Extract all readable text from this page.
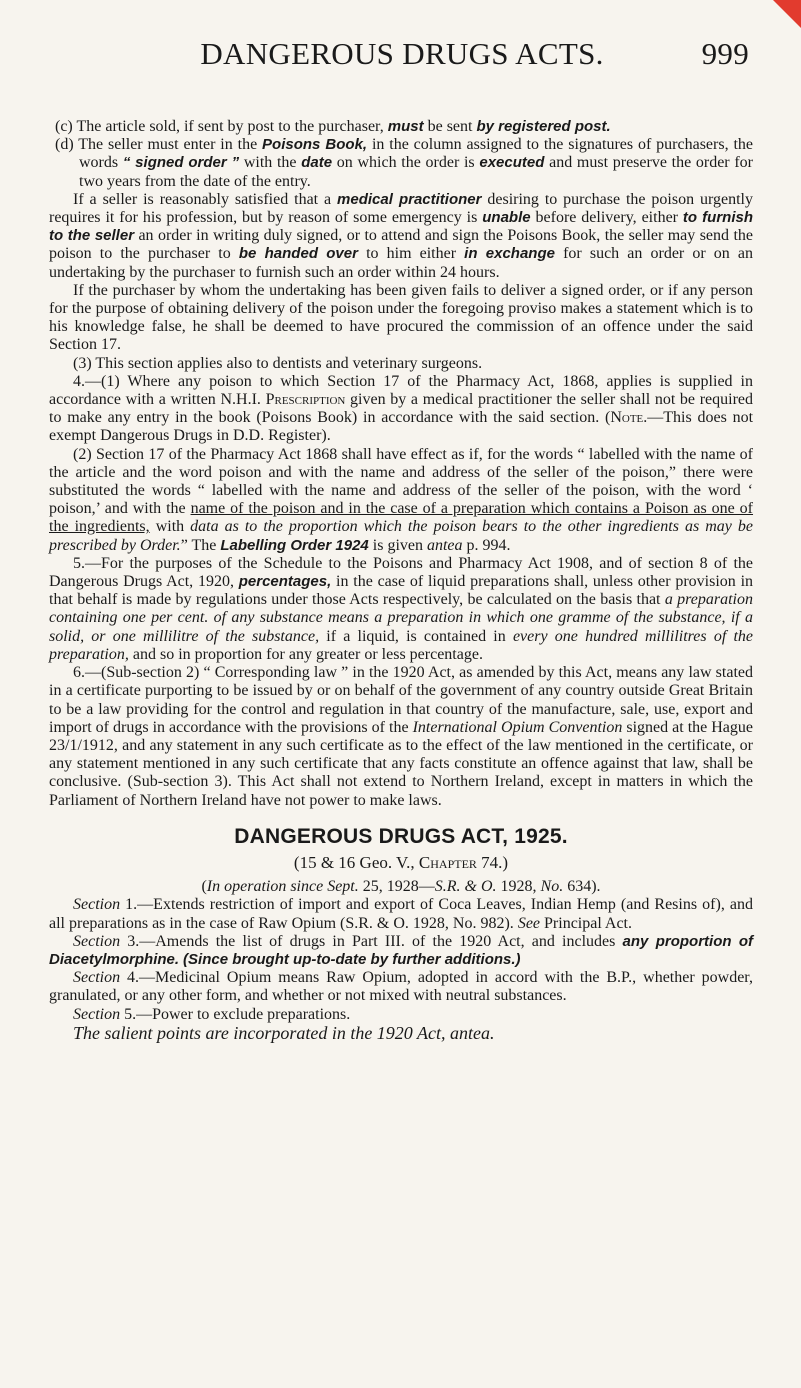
DANGEROUS DRUGS ACTS.	999

(c) The article sold, if sent by post to the purchaser, must be sent by registered post.

(d) The seller must enter in the Poisons Book, in the column assigned to the signatures of purchasers, the words “ signed order ” with the date on which the order is executed and must preserve the order for two years from the date of the entry.

If a seller is reasonably satisfied that a medical practitioner desiring to purchase the poison urgently requires it for his profession, but by reason of some emergency is unable before delivery, either to furnish to the seller an order in writing duly signed, or to attend and sign the Poisons Book, the seller may send the poison to the purchaser to be handed over to him either in exchange for such an order or on an undertaking by the purchaser to furnish such an order within 24 hours.

If the purchaser by whom the undertaking has been given fails to deliver a signed order, or if any person for the purpose of obtaining delivery of the poison under the foregoing proviso makes a statement which is to his knowledge false, he shall be deemed to have procured the commission of an offence under the said Section 17.

(3) This section applies also to dentists and veterinary surgeons.

4.—(1) Where any poison to which Section 17 of the Pharmacy Act, 1868, applies is supplied in accordance with a written N.H.I. Prescription given by a medical practitioner the seller shall not be required to make any entry in the book (Poisons Book) in accordance with the said section. (Note.—This does not exempt Dangerous Drugs in D.D. Register).

(2) Section 17 of the Pharmacy Act 1868 shall have effect as if, for the words “ labelled with the name of the article and the word poison and with the name and address of the seller of the poison,” there were substituted the words “ labelled with the name and address of the seller of the poison, with the word ‘ poison,’ and with the name of the poison and in the case of a preparation which contains a Poison as one of the ingredients, with data as to the proportion which the poison bears to the other ingredients as may be prescribed by Order.” The Labelling Order 1924 is given antea p. 994.

5.—For the purposes of the Schedule to the Poisons and Pharmacy Act 1908, and of section 8 of the Dangerous Drugs Act, 1920, percentages, in the case of liquid preparations shall, unless other provision in that behalf is made by regulations under those Acts respectively, be calculated on the basis that a preparation containing one per cent. of any substance means a preparation in which one gramme of the substance, if a solid, or one millilitre of the substance, if a liquid, is contained in every one hundred millilitres of the preparation, and so in proportion for any greater or less percentage.

6.—(Sub-section 2) “ Corresponding law ” in the 1920 Act, as amended by this Act, means any law stated in a certificate purporting to be issued by or on behalf of the government of any country outside Great Britain to be a law providing for the control and regulation in that country of the manufacture, sale, use, export and import of drugs in accordance with the provisions of the International Opium Convention signed at the Hague 23/1/1912, and any statement in any such certificate as to the effect of the law mentioned in the certificate, or any statement mentioned in any such certificate that any facts constitute an offence against that law, shall be conclusive. (Sub-section 3). This Act shall not extend to Northern Ireland, except in matters in which the Parliament of Northern Ireland have not power to make laws.

DANGEROUS DRUGS ACT, 1925.

(15 & 16 Geo. V., Chapter 74.)

(In operation since Sept. 25, 1928—S.R. & O. 1928, No. 634).

Section 1.—Extends restriction of import and export of Coca Leaves, Indian Hemp (and Resins of), and all preparations as in the case of Raw Opium (S.R. & O. 1928, No. 982). See Principal Act.

Section 3.—Amends the list of drugs in Part III. of the 1920 Act, and includes any proportion of Diacetylmorphine. (Since brought up-to-date by further additions.)

Section 4.—Medicinal Opium means Raw Opium, adopted in accord with the B.P., whether powder, granulated, or any other form, and whether or not mixed with neutral substances.

Section 5.—Power to exclude preparations.

The salient points are incorporated in the 1920 Act, antea.
